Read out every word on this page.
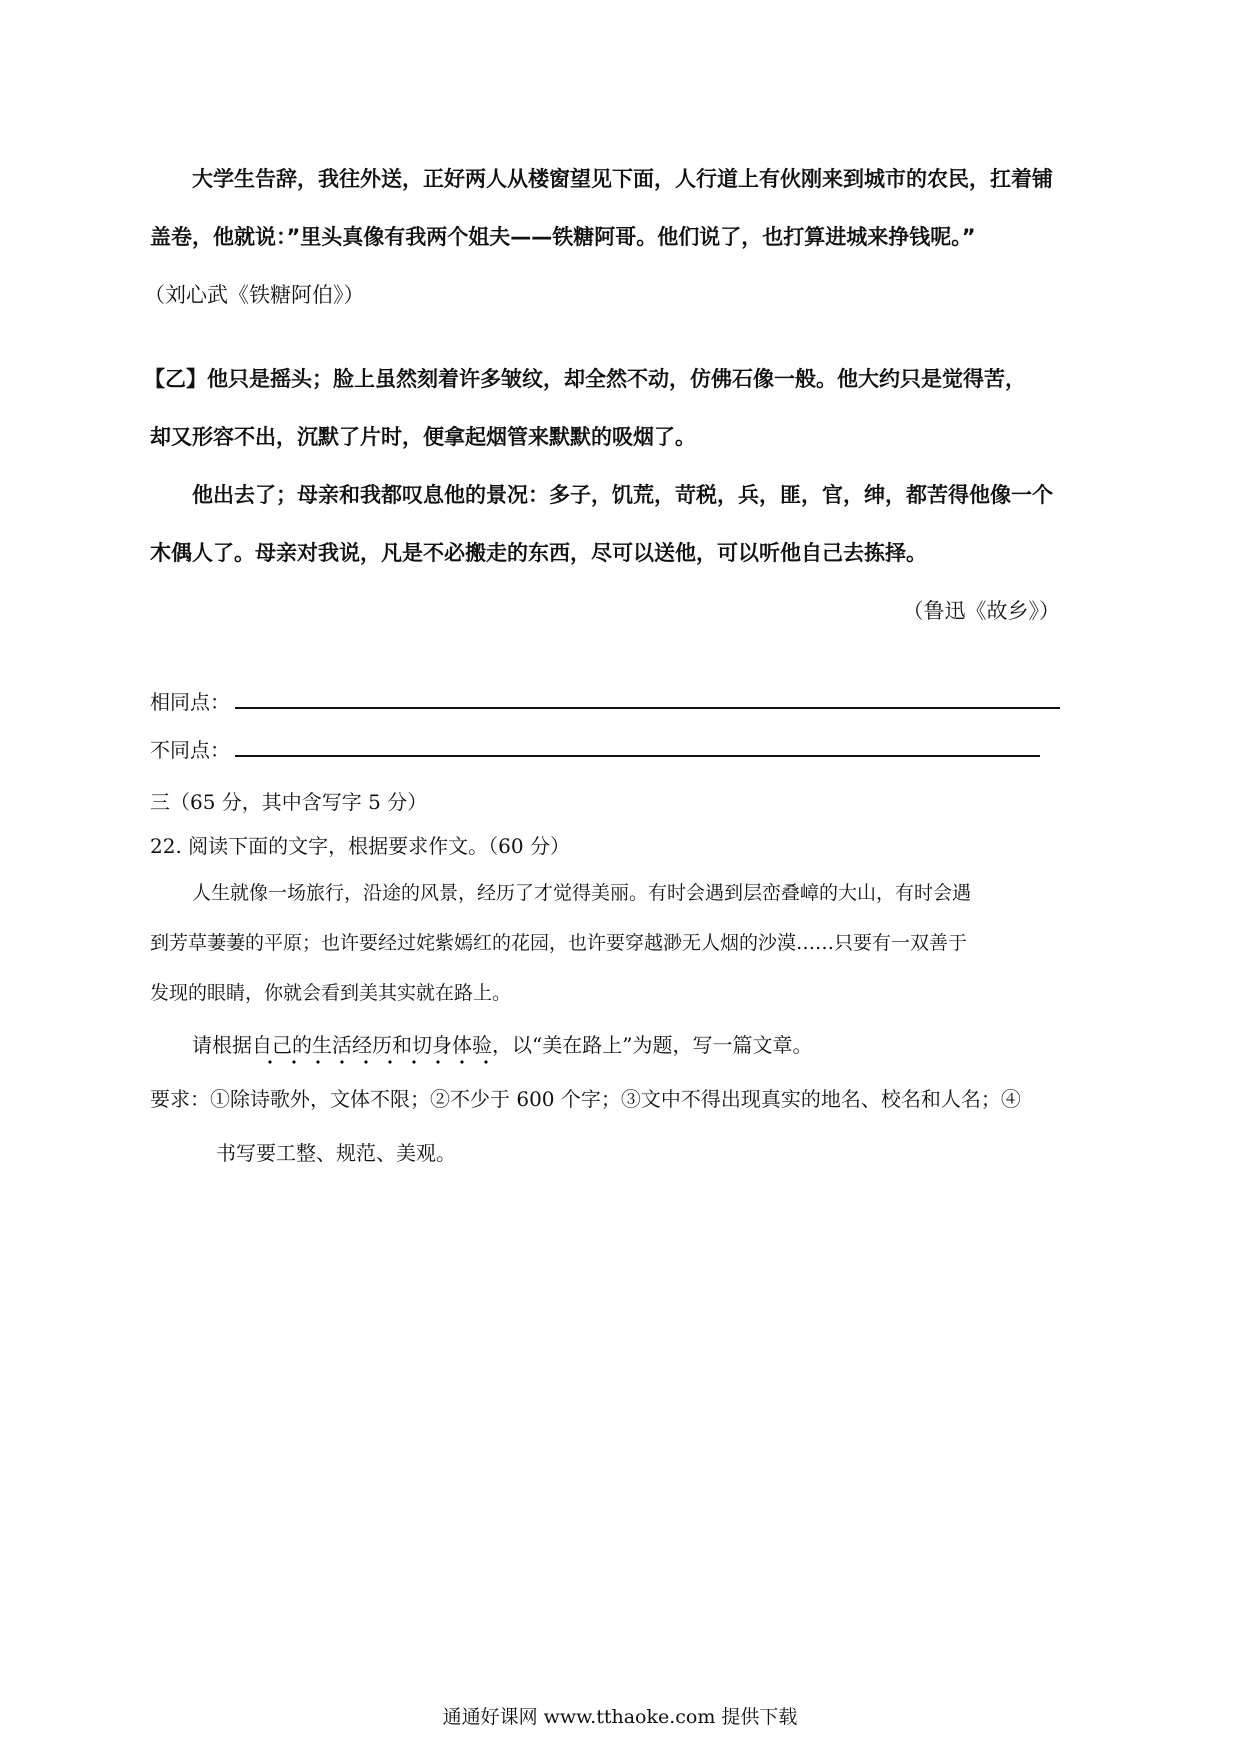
大学生告辞，我往外送，正好两人从楼窗望见下面，人行道上有伙刚来到城市的农民，扛着铺

盖卷，他就说：”里头真像有我两个姐夫——铁糖阿哥。他们说了，也打算进城来挣钱呢。”

（刘心武《铁糖阿伯》）

【乙】他只是摇头；脸上虽然刻着许多皱纹，却全然不动，仿佛石像一般。他大约只是觉得苦，

却又形容不出，沉默了片时，便拿起烟管来默默的吸烟了。

他出去了；母亲和我都叹息他的景况：多子，饥荒，苛税，兵，匪，官，绅，都苦得他像一个

木偶人了。母亲对我说，凡是不必搬走的东西，尽可以送他，可以听他自己去拣择。

（鲁迅《故乡》）

相同点：
不同点：
三（65 分，其中含写字 5 分）
22. 阅读下面的文字，根据要求作文。（60 分）
人生就像一场旅行，沿途的风景，经历了才觉得美丽。有时会遇到层峦叠嶂的大山，有时会遇
到芳草萋萋的平原；也许要经过姹紫嫣红的花园，也许要穿越渺无人烟的沙漠……只要有一双善于
发现的眼睛，你就会看到美其实就在路上。
请根据自己的生活经历和切身体验，以“美在路上”为题，写一篇文章。
要求：①除诗歌外，文体不限；②不少于 600 个字；③文中不得出现真实的地名、校名和人名；④
书写要工整、规范、美观。
通通好课网 www.tthaoke.com 提供下载
